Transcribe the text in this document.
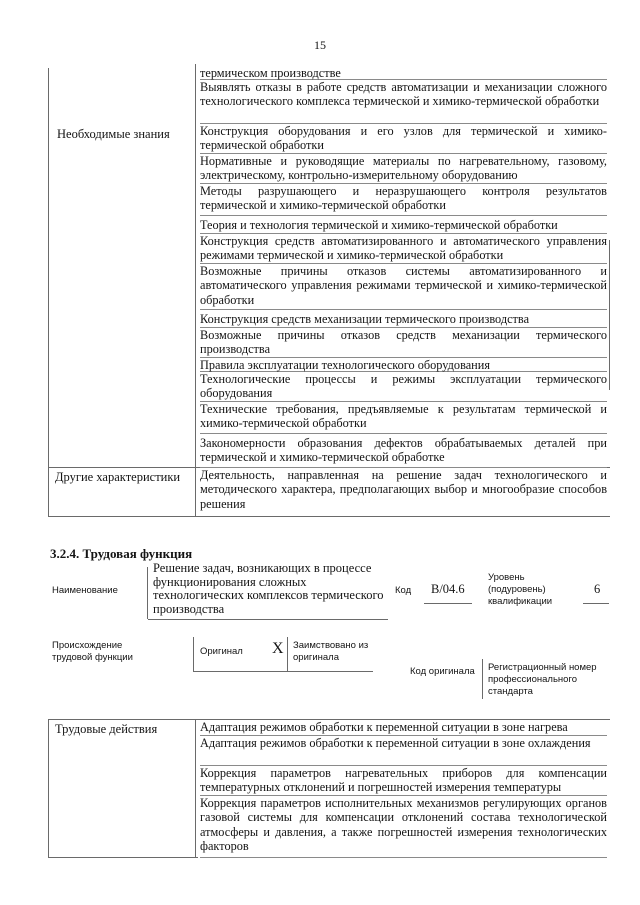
15
Необходимые знания
Другие характеристики
термическом производстве
Выявлять отказы в работе средств автоматизации и механизации сложного технологического комплекса термической и химико-термической обработки
Конструкция оборудования и его узлов для термической и химико-термической обработки
Нормативные и руководящие материалы по нагревательному, газовому, электрическому, контрольно-измерительному оборудованию
Методы разрушающего и неразрушающего контроля результатов термической и химико-термической обработки
Теория и технология термической и химико-термической обработки
Конструкция средств автоматизированного и автоматического управления режимами термической и химико-термической обработки
Возможные причины отказов системы автоматизированного и автоматического управления режимами термической и химико-термической обработки
Конструкция средств механизации термического производства
Возможные причины отказов средств механизации термического производства
Правила эксплуатации технологического оборудования
Технологические процессы и режимы эксплуатации термического оборудования
Технические требования, предъявляемые к результатам термической и химико-термической обработки
Закономерности образования дефектов обрабатываемых деталей при термической и химико-термической обработке
Деятельность, направленная на решение задач технологического и методического характера, предполагающих выбор и многообразие способов решения
3.2.4. Трудовая функция
Наименование
Решение задач, возникающих в процессе функционирования сложных технологических комплексов термического производства
Код B/04.6
Уровень (подуровень) квалификации
6
Происхождение трудовой функции
Оригинал X Заимствовано из оригинала
Код оригинала Регистрационный номер профессионального стандарта
Трудовые действия	Адаптация режимов обработки к переменной ситуации в зоне нагрева
Адаптация режимов обработки к переменной ситуации в зоне охлаждения
Коррекция параметров нагревательных приборов для компенсации температурных отклонений и погрешностей измерения температуры
Коррекция параметров исполнительных механизмов регулирующих органов газовой системы для компенсации отклонений состава технологической атмосферы и давления, а также погрешностей измерения технологических факторов
